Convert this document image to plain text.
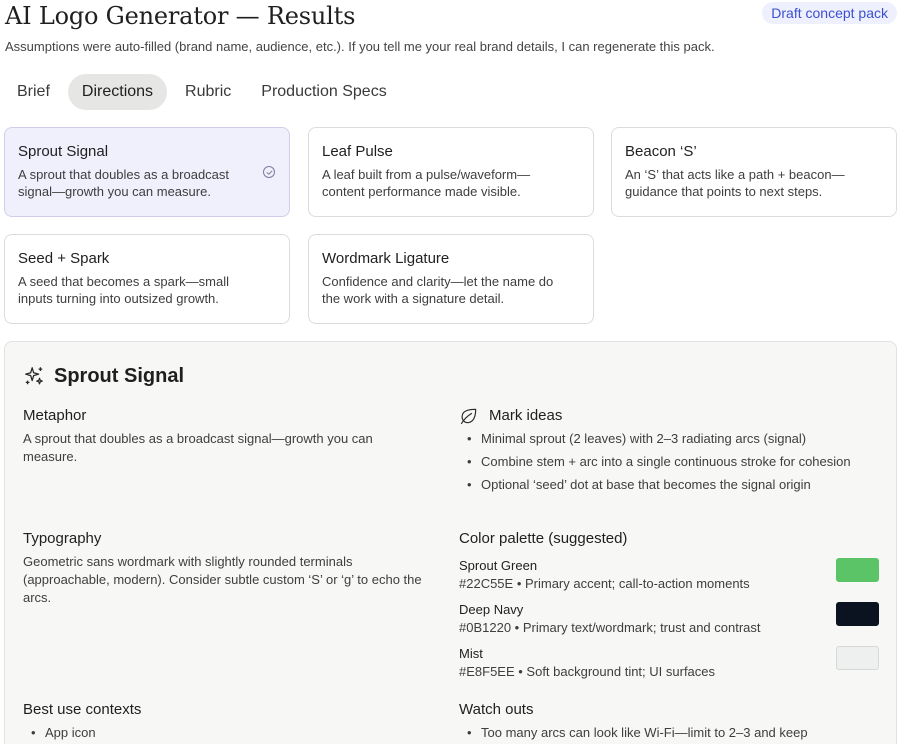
AI Logo Generator — Results	Draft concept pack
Assumptions were auto-filled (brand name, audience, etc.). If you tell me your real brand details, I can regenerate this pack.
Brief	Directions	Rubric	Production Specs
Sprout Signal
A sprout that doubles as a broadcast signal—growth you can measure.
Leaf Pulse
A leaf built from a pulse/waveform—content performance made visible.
Beacon ‘S’
An ‘S’ that acts like a path + beacon—guidance that points to next steps.
Seed + Spark
A seed that becomes a spark—small inputs turning into outsized growth.
Wordmark Ligature
Confidence and clarity—let the name do the work with a signature detail.
Sprout Signal
Metaphor
A sprout that doubles as a broadcast signal—growth you can measure.
Mark ideas
• Minimal sprout (2 leaves) with 2–3 radiating arcs (signal)
• Combine stem + arc into a single continuous stroke for cohesion
• Optional ‘seed’ dot at base that becomes the signal origin
Typography
Geometric sans wordmark with slightly rounded terminals (approachable, modern). Consider subtle custom ‘S’ or ‘g’ to echo the arcs.
Color palette (suggested)
Sprout Green
#22C55E • Primary accent; call-to-action moments
Deep Navy
#0B1220 • Primary text/wordmark; trust and contrast
Mist
#E8F5EE • Soft background tint; UI surfaces
Best use contexts
• App icon
Watch outs
• Too many arcs can look like Wi‑Fi—limit to 2–3 and keep
